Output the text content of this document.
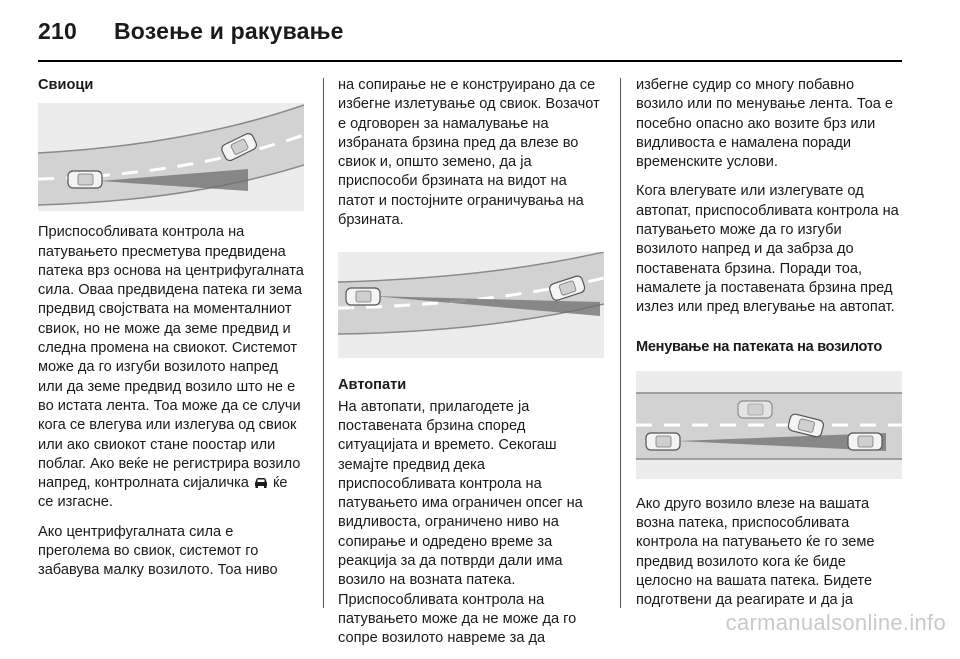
210 Возење и ракување
Свиоци

Приспособливата контрола на патувањето пресметува предвидена патека врз основа на центрифугалната сила. Оваа предвидена патека ги зема предвид својствата на моменталниот свиок, но не може да земе предвид и следна промена на свиокот. Системот може да го изгуби возилото напред или да земе предвид возило што не е во истата лента. Тоа може да се случи кога се влегува или излегува од свиок или ако свиокот стане поостар или поблаг. Ако веќе не регистрира возило напред, контролната сијаличка ќе се изгасне.

Ако центрифугалната сила е преголема во свиок, системот го забавува малку возилото. Тоа ниво

на сопирање не е конструирано да се избегне излетување од свиок. Возачот е одговорен за намалување на избраната брзина пред да влезе во свиок и, општо земено, да ја приспособи брзината на видот на патот и постојните ограничувања на брзината.

Автопати

На автопати, прилагодете ја поставената брзина според ситуацијата и времето. Секогаш земајте предвид дека приспособливата контрола на патувањето има ограничен опсег на видливоста, ограничено ниво на сопирање и одредено време за реакција за да потврди дали има возило на возната патека. Приспособливата контрола на патувањето може да не може да го сопре возилото навреме за да

избегне судир со многу побавно возило или по менување лента. Тоа е посебно опасно ако возите брз или видливоста е намалена поради временските услови.

Кога влегувате или излегувате од автопат, приспособливата контрола на патувањето може да го изгуби возилото напред и да забрза до поставената брзина. Поради тоа, намалете ја поставената брзина пред излез или пред влегување на автопат.

Менување на патеката на возилото

Ако друго возило влезе на вашата возна патека, приспособливата контрола на патувањето ќе го земе предвид возилото кога ќе биде целосно на вашата патека. Бидете подготвени да реагирате и да ја

carmanualsonline.info
